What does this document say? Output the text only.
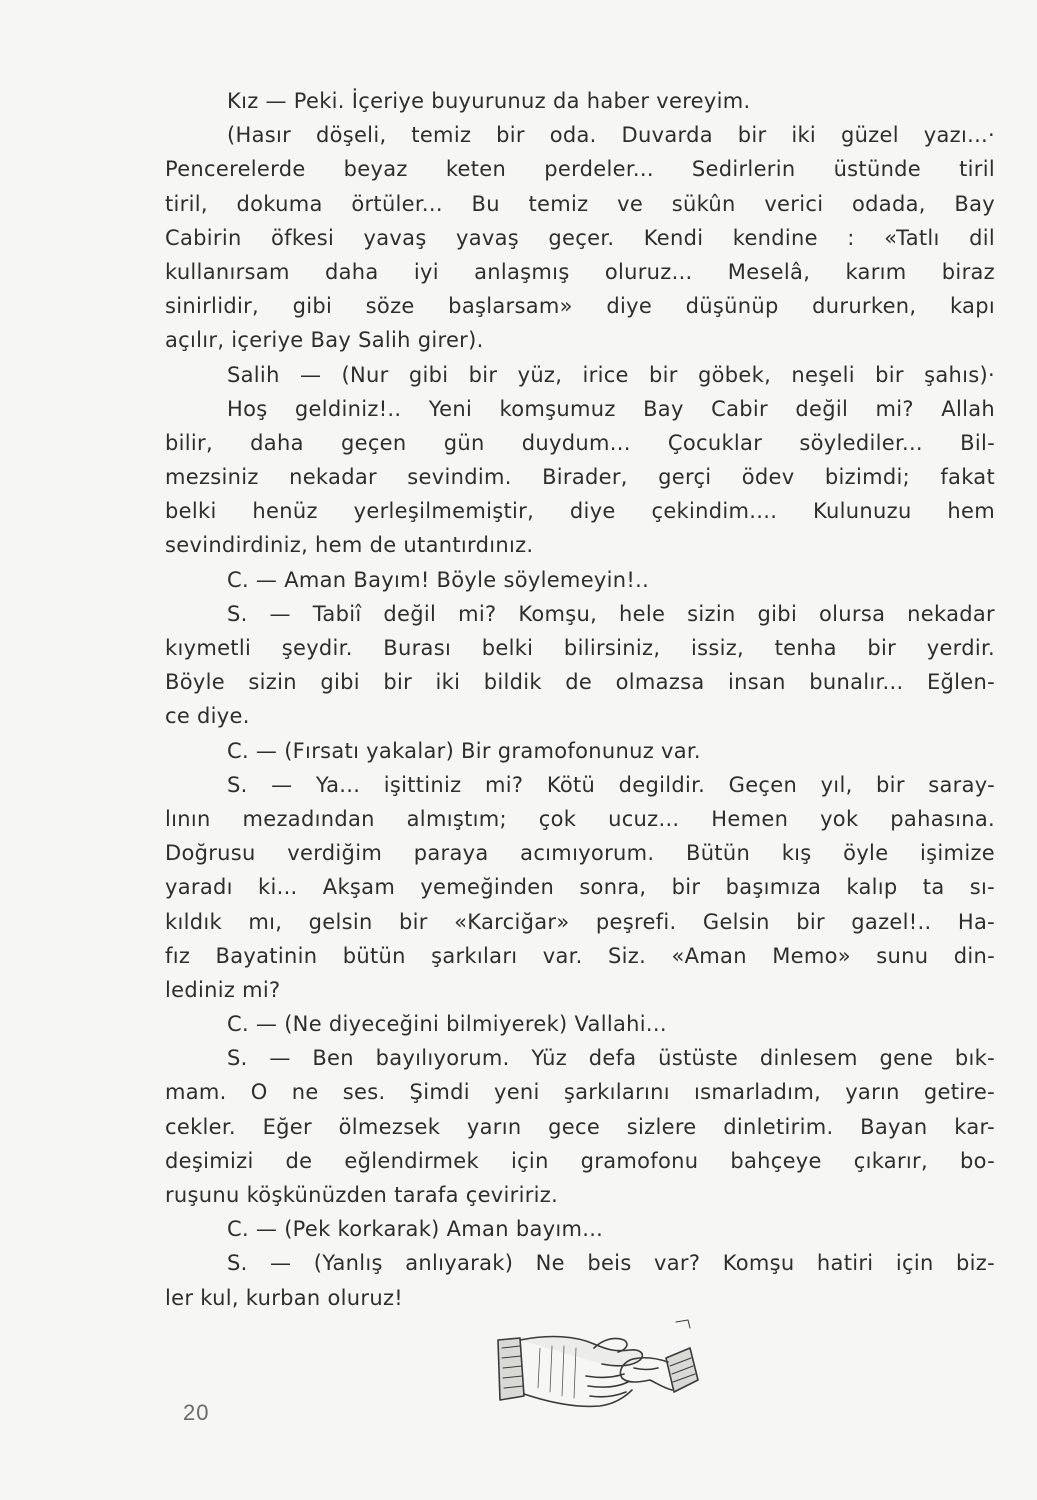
Kız — Peki. İçeriye buyurunuz da haber vereyim.
(Hasır döşeli, temiz bir oda. Duvarda bir iki güzel yazı...·
Pencerelerde beyaz keten perdeler... Sedirlerin üstünde tiril
tiril, dokuma örtüler... Bu temiz ve sükûn verici odada, Bay
Cabirin öfkesi yavaş yavaş geçer. Kendi kendine : «Tatlı dil
kullanırsam daha iyi anlaşmış oluruz... Meselâ, karım biraz
sinirlidir, gibi söze başlarsam» diye düşünüp dururken, kapı
açılır, içeriye Bay Salih girer).
Salih — (Nur gibi bir yüz, irice bir göbek, neşeli bir şahıs)·
Hoş geldiniz!.. Yeni komşumuz Bay Cabir değil mi? Allah
bilir, daha geçen gün duydum... Çocuklar söylediler... Bil-
mezsiniz nekadar sevindim. Birader, gerçi ödev bizimdi; fakat
belki henüz yerleşilmemiştir, diye çekindim.... Kulunuzu hem
sevindirdiniz, hem de utantırdınız.
C. — Aman Bayım! Böyle söylemeyin!..
S. — Tabiî değil mi? Komşu, hele sizin gibi olursa nekadar
kıymetli şeydir. Burası belki bilirsiniz, issiz, tenha bir yerdir.
Böyle sizin gibi bir iki bildik de olmazsa insan bunalır... Eğlen-
ce diye.
C. — (Fırsatı yakalar) Bir gramofonunuz var.
S. — Ya... işittiniz mi? Kötü degildir. Geçen yıl, bir saray-
lının mezadından almıştım; çok ucuz... Hemen yok pahasına.
Doğrusu verdiğim paraya acımıyorum. Bütün kış öyle işimize
yaradı ki... Akşam yemeğinden sonra, bir başımıza kalıp ta sı-
kıldık mı, gelsin bir «Karciğar» peşrefi. Gelsin bir gazel!.. Ha-
fız Bayatinin bütün şarkıları var. Siz. «Aman Memo» sunu din-
lediniz mi?
C. — (Ne diyeceğini bilmiyerek) Vallahi...
S. — Ben bayılıyorum. Yüz defa üstüste dinlesem gene bık-
mam. O ne ses. Şimdi yeni şarkılarını ısmarladım, yarın getire-
cekler. Eğer ölmezsek yarın gece sizlere dinletirim. Bayan kar-
deşimizi de eğlendirmek için gramofonu bahçeye çıkarır, bo-
ruşunu köşkünüzden tarafa çeviririz.
C. — (Pek korkarak) Aman bayım...
S. — (Yanlış anlıyarak) Ne beis var? Komşu hatiri için biz-
ler kul, kurban oluruz!
20
